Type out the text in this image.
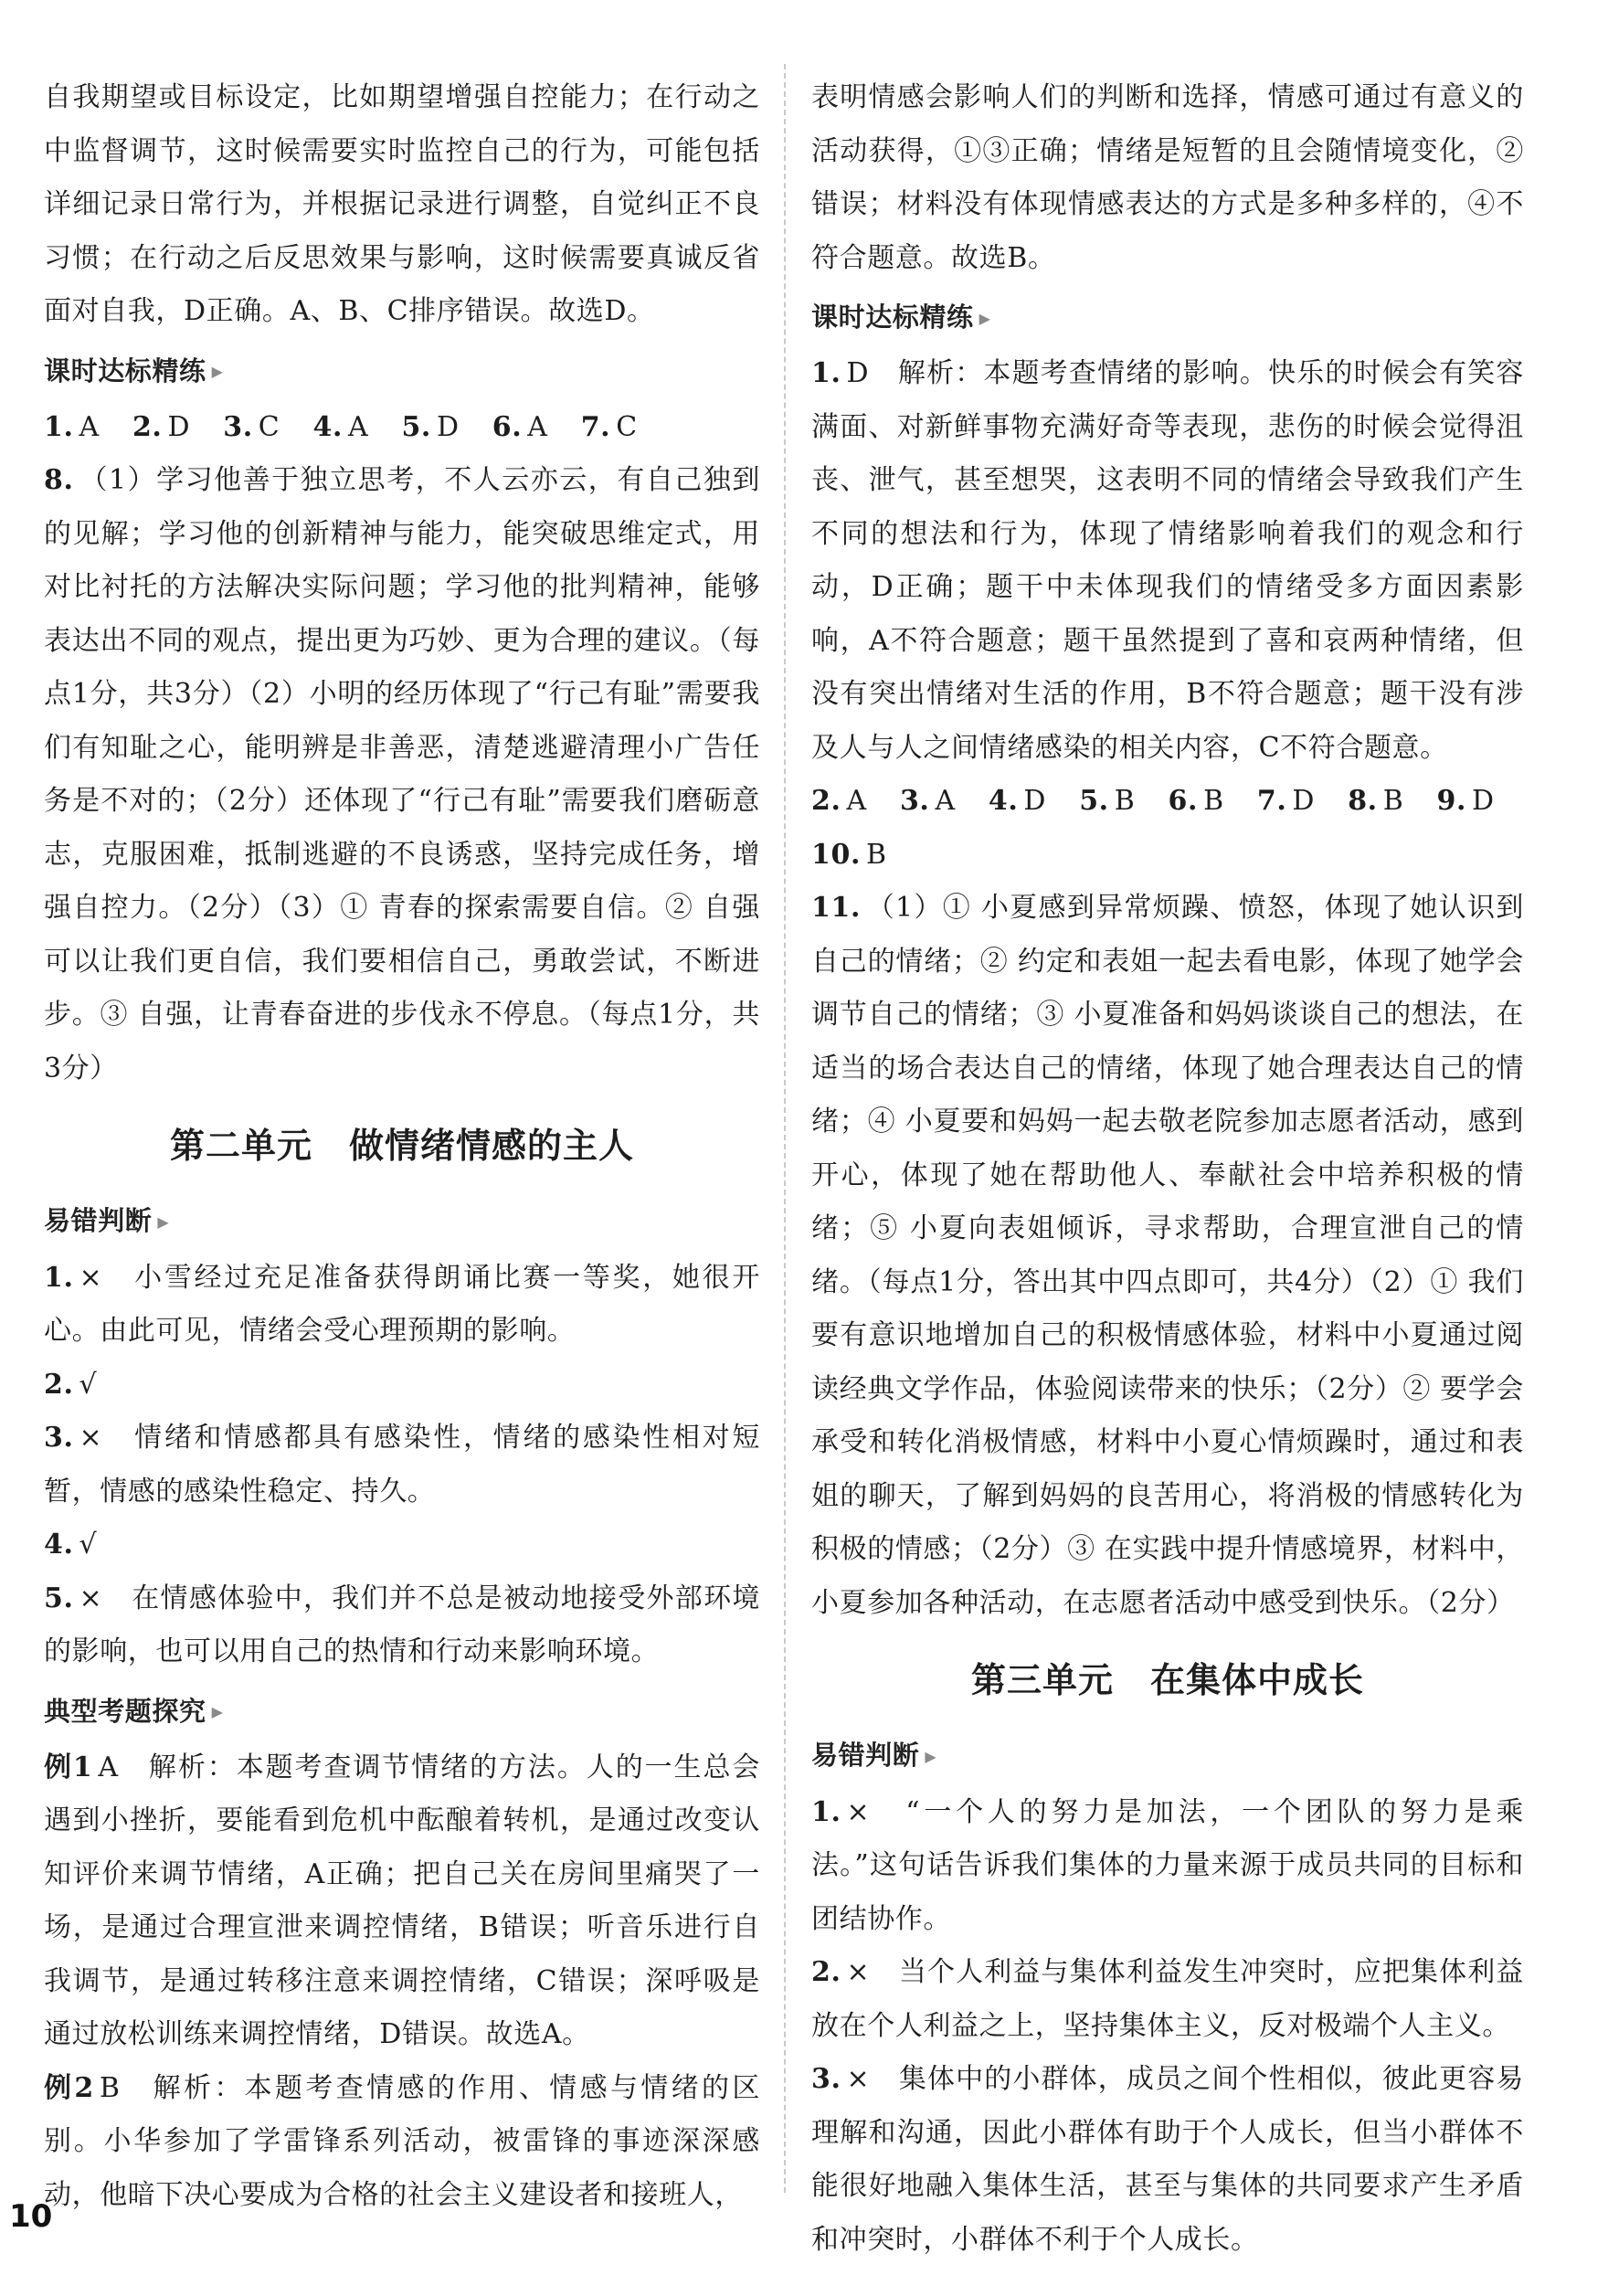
自我期望或目标设定，比如期望增强自控能力；在行动之中监督调节，这时候需要实时监控自己的行为，可能包括详细记录日常行为，并根据记录进行调整，自觉纠正不良习惯；在行动之后反思效果与影响，这时候需要真诚反省面对自我，D正确。A、B、C排序错误。故选D。

课时达标精练 ▶

1. A 2. D 3. C 4. A 5. D 6. A 7. C

8. （1）学习他善于独立思考，不人云亦云，有自己独到的见解；学习他的创新精神与能力，能突破思维定式，用对比衬托的方法解决实际问题；学习他的批判精神，能够表达出不同的观点，提出更为巧妙、更为合理的建议。（每点1分，共3分）（2）小明的经历体现了“行己有耻”需要我们有知耻之心，能明辨是非善恶，清楚逃避清理小广告任务是不对的；（2分）还体现了“行己有耻”需要我们磨砺意志，克服困难，抵制逃避的不良诱惑，坚持完成任务，增强自控力。（2分）（3）① 青春的探索需要自信。② 自强可以让我们更自信，我们要相信自己，勇敢尝试，不断进步。③ 自强，让青春奋进的步伐永不停息。（每点1分，共3分）

第二单元 做情绪情感的主人
易错判断 ▶

1. ×　小雪经过充足准备获得朗诵比赛一等奖，她很开心。由此可见，情绪会受心理预期的影响。

2. √

3. ×　情绪和情感都具有感染性，情绪的感染性相对短暂，情感的感染性稳定、持久。

4. √

5. ×　在情感体验中，我们并不总是被动地接受外部环境的影响，也可以用自己的热情和行动来影响环境。

典型考题探究 ▶

例1 A　解析：本题考查调节情绪的方法。人的一生总会遇到小挫折，要能看到危机中酝酿着转机，是通过改变认知评价来调节情绪，A正确；把自己关在房间里痛哭了一场，是通过合理宣泄来调控情绪，B错误；听音乐进行自我调节，是通过转移注意来调控情绪，C错误；深呼吸是通过放松训练来调控情绪，D错误。故选A。

例2 B　解析：本题考查情感的作用、情感与情绪的区别。小华参加了学雷锋系列活动，被雷锋的事迹深深感动，他暗下决心要成为合格的社会主义建设者和接班人，

表明情感会影响人们的判断和选择，情感可通过有意义的活动获得，①③正确；情绪是短暂的且会随情境变化，②错误；材料没有体现情感表达的方式是多种多样的，④不符合题意。故选B。

课时达标精练 ▶

1. D　解析：本题考查情绪的影响。快乐的时候会有笑容满面、对新鲜事物充满好奇等表现，悲伤的时候会觉得沮丧、泄气，甚至想哭，这表明不同的情绪会导致我们产生不同的想法和行为，体现了情绪影响着我们的观念和行动，D正确；题干中未体现我们的情绪受多方面因素影响，A不符合题意；题干虽然提到了喜和哀两种情绪，但没有突出情绪对生活的作用，B不符合题意；题干没有涉及人与人之间情绪感染的相关内容，C不符合题意。

2. A 3. A 4. D 5. B 6. B 7. D 8. B 9. D

10. B

11. （1）① 小夏感到异常烦躁、愤怒，体现了她认识到自己的情绪；② 约定和表姐一起去看电影，体现了她学会调节自己的情绪；③ 小夏准备和妈妈谈谈自己的想法，在适当的场合表达自己的情绪，体现了她合理表达自己的情绪；④ 小夏要和妈妈一起去敬老院参加志愿者活动，感到开心，体现了她在帮助他人、奉献社会中培养积极的情绪；⑤ 小夏向表姐倾诉，寻求帮助，合理宣泄自己的情绪。（每点1分，答出其中四点即可，共4分）（2）① 我们要有意识地增加自己的积极情感体验，材料中小夏通过阅读经典文学作品，体验阅读带来的快乐；（2分）② 要学会承受和转化消极情感，材料中小夏心情烦躁时，通过和表姐的聊天，了解到妈妈的良苦用心，将消极的情感转化为积极的情感；（2分）③ 在实践中提升情感境界，材料中，小夏参加各种活动，在志愿者活动中感受到快乐。（2分）

第三单元 在集体中成长
易错判断 ▶

1. ×　“一个人的努力是加法，一个团队的努力是乘法。”这句话告诉我们集体的力量来源于成员共同的目标和团结协作。

2. ×　当个人利益与集体利益发生冲突时，应把集体利益放在个人利益之上，坚持集体主义，反对极端个人主义。

3. ×　集体中的小群体，成员之间个性相似，彼此更容易理解和沟通，因此小群体有助于个人成长，但当小群体不能很好地融入集体生活，甚至与集体的共同要求产生矛盾和冲突时，小群体不利于个人成长。

10
